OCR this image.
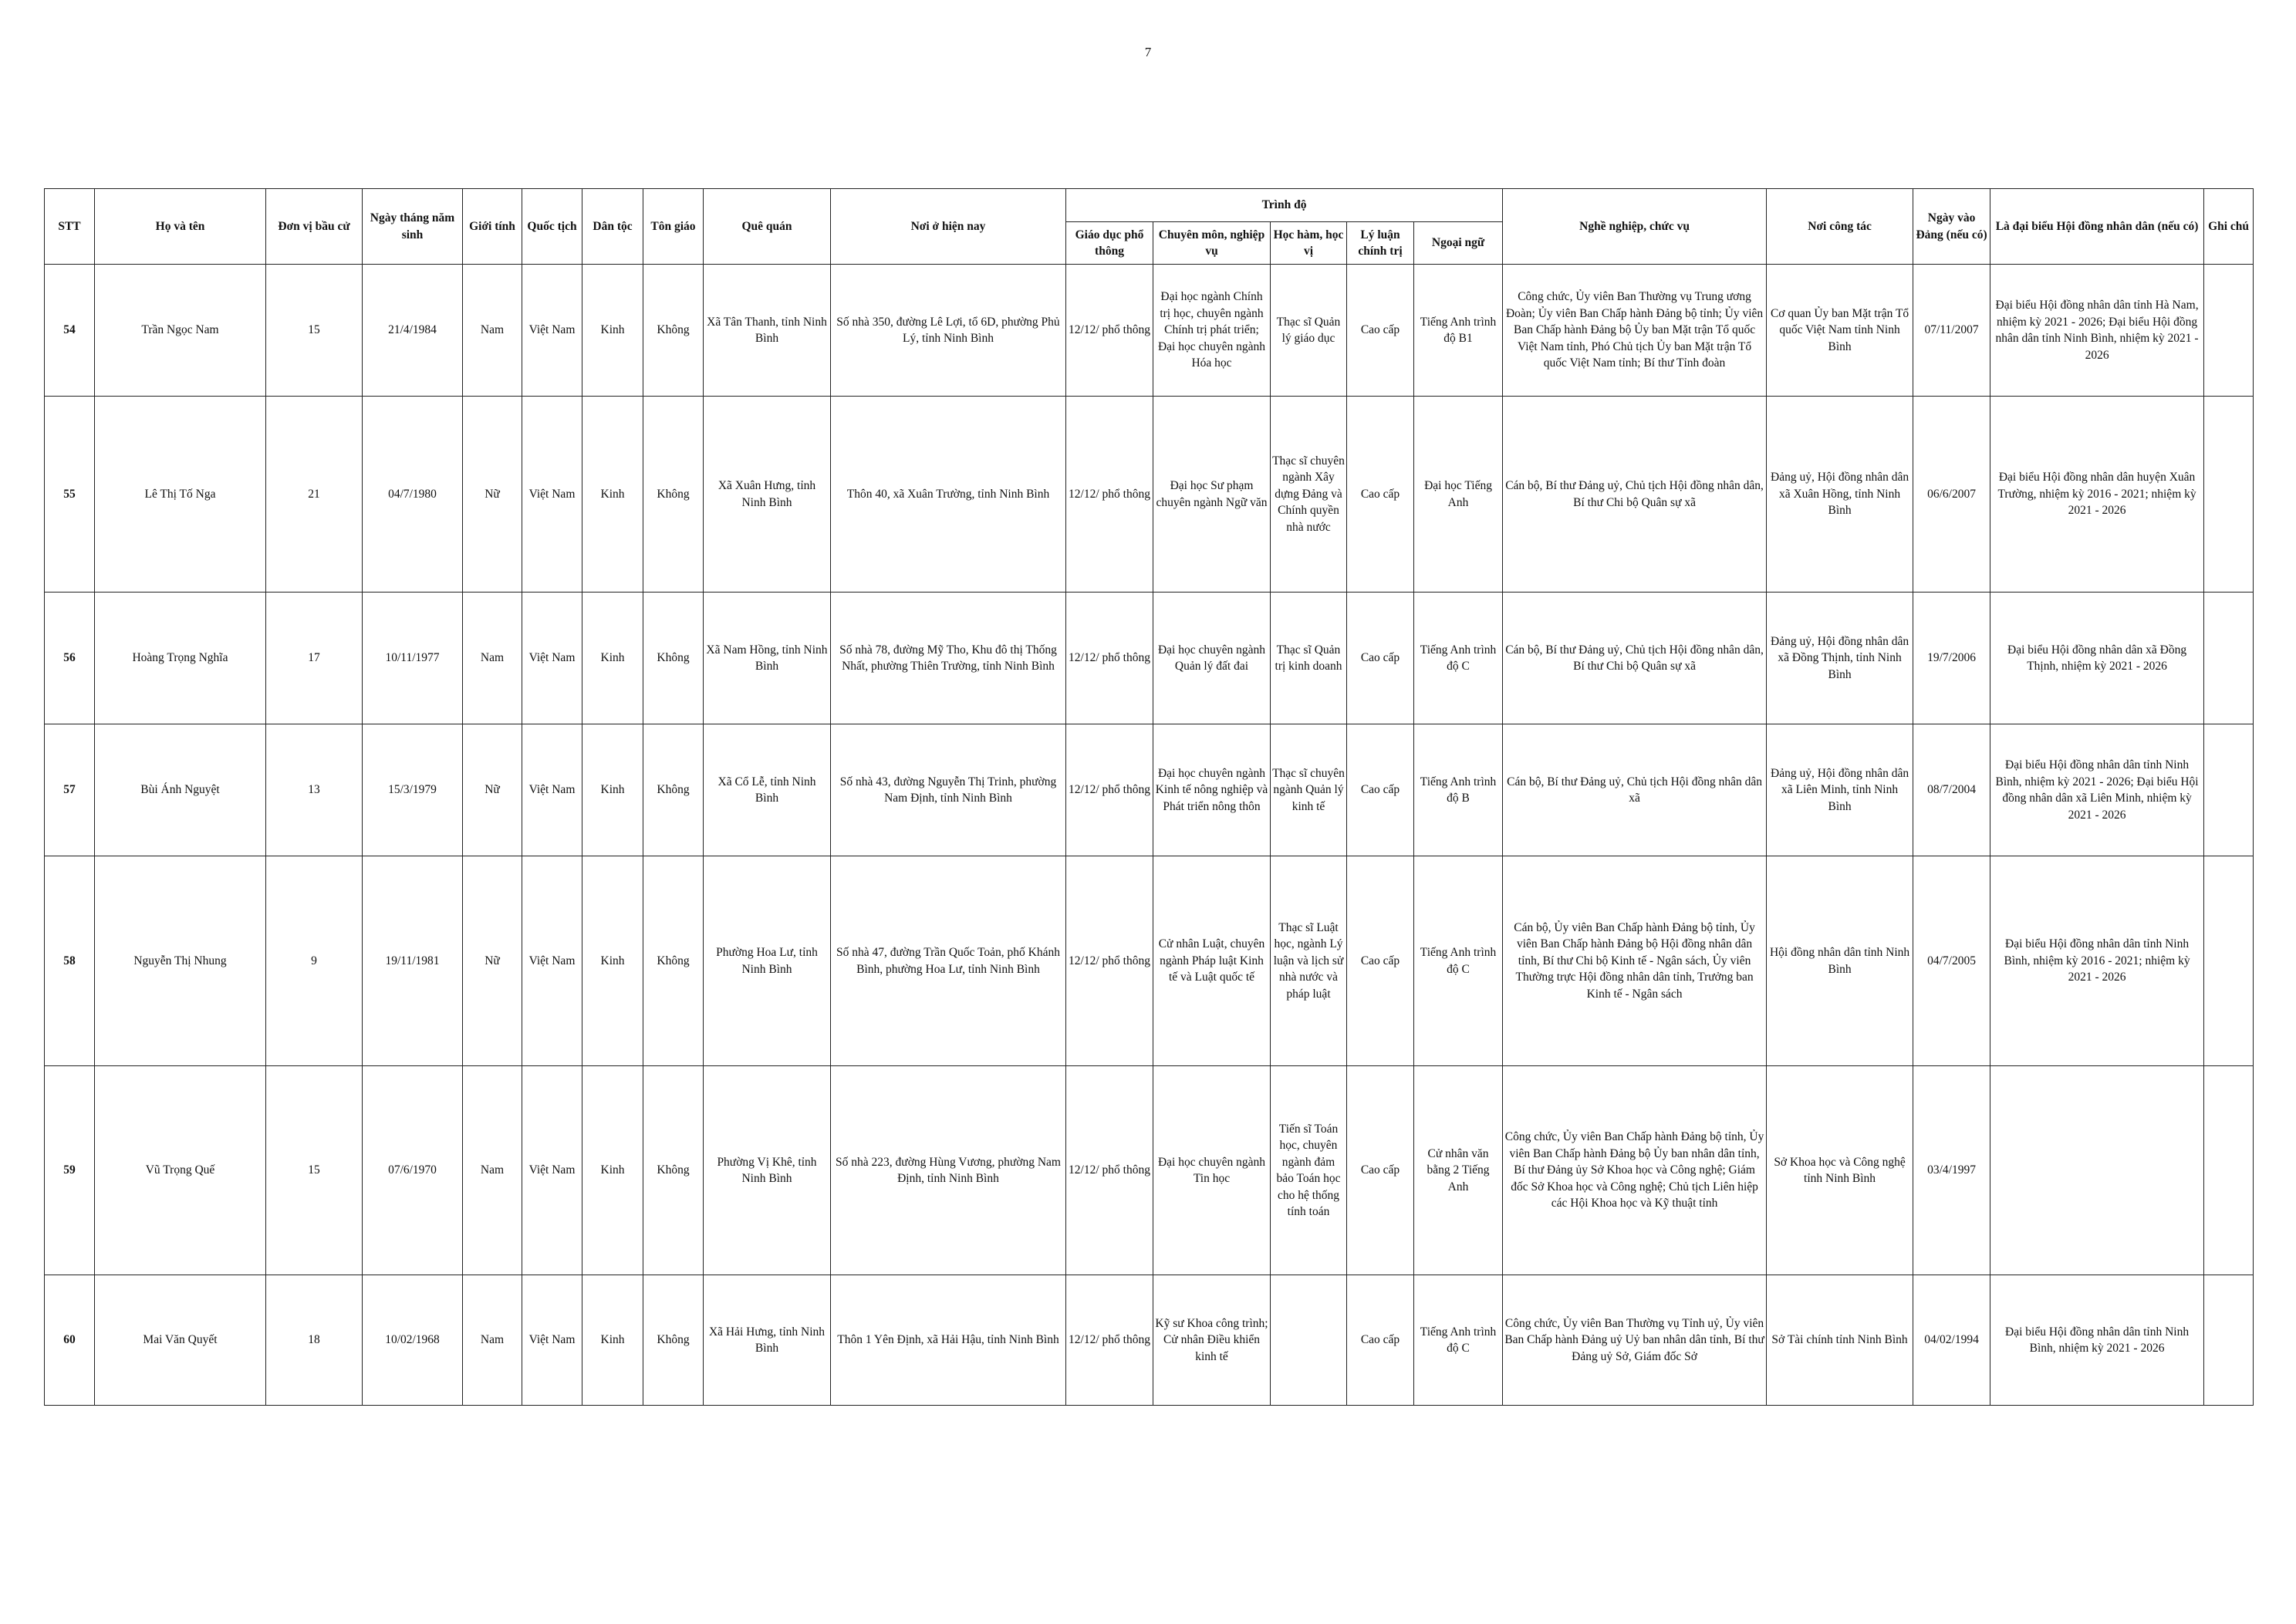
7
STT	Họ và tên	Đơn vị bầu cử	Ngày tháng năm sinh	Giới tính	Quốc tịch	Dân tộc	Tôn giáo	Quê quán	Nơi ở hiện nay	Trình độ					Nghề nghiệp, chức vụ	Nơi công tác	Ngày vào Đảng (nếu có)	Là đại biểu Hội đồng nhân dân (nếu có)	Ghi chú
										Giáo dục phổ thông	Chuyên môn, nghiệp vụ	Học hàm, học vị	Lý luận chính trị	Ngoại ngữ					
54	Trần Ngọc Nam	15	21/4/1984	Nam	Việt Nam	Kinh	Không	Xã Tân Thanh, tỉnh Ninh Bình	Số nhà 350, đường Lê Lợi, tổ 6D, phường Phủ Lý, tỉnh Ninh Bình	12/12/ phổ thông	Đại học ngành Chính trị học, chuyên ngành Chính trị phát triển; Đại học chuyên ngành Hóa học	Thạc sĩ Quản lý giáo dục	Cao cấp	Tiếng Anh trình độ B1	Công chức, Ủy viên Ban Thường vụ Trung ương Đoàn; Ủy viên Ban Chấp hành Đảng bộ tỉnh; Ủy viên Ban Chấp hành Đảng bộ Ủy ban Mặt trận Tổ quốc Việt Nam tỉnh, Phó Chủ tịch Ủy ban Mặt trận Tổ quốc Việt Nam tỉnh; Bí thư Tỉnh đoàn	Cơ quan Ủy ban Mặt trận Tổ quốc Việt Nam tỉnh Ninh Bình	07/11/2007	Đại biểu Hội đồng nhân dân tỉnh Hà Nam, nhiệm kỳ 2021 - 2026; Đại biểu Hội đồng nhân dân tỉnh Ninh Bình, nhiệm kỳ 2021 - 2026	
55	Lê Thị Tố Nga	21	04/7/1980	Nữ	Việt Nam	Kinh	Không	Xã Xuân Hưng, tỉnh Ninh Bình	Thôn 40, xã Xuân Trường, tỉnh Ninh Bình	12/12/ phổ thông	Đại học Sư phạm chuyên ngành Ngữ văn	Thạc sĩ chuyên ngành Xây dựng Đảng và Chính quyền nhà nước	Cao cấp	Đại học Tiếng Anh	Cán bộ, Bí thư Đảng uỷ, Chủ tịch Hội đồng nhân dân, Bí thư Chi bộ Quân sự xã	Đảng uỷ, Hội đồng nhân dân xã Xuân Hồng, tỉnh Ninh Bình	06/6/2007	Đại biểu Hội đồng nhân dân huyện Xuân Trường, nhiệm kỳ 2016 - 2021; nhiệm kỳ 2021 - 2026	
56	Hoàng Trọng Nghĩa	17	10/11/1977	Nam	Việt Nam	Kinh	Không	Xã Nam Hồng, tỉnh Ninh Bình	Số nhà 78, đường Mỹ Tho, Khu đô thị Thống Nhất, phường Thiên Trường, tỉnh Ninh Bình	12/12/ phổ thông	Đại học chuyên ngành Quản lý đất đai	Thạc sĩ Quản trị kinh doanh	Cao cấp	Tiếng Anh trình độ C	Cán bộ, Bí thư Đảng uỷ, Chủ tịch Hội đồng nhân dân, Bí thư Chi bộ Quân sự xã	Đảng uỷ, Hội đồng nhân dân xã Đồng Thịnh, tỉnh Ninh Bình	19/7/2006	Đại biểu Hội đồng nhân dân xã Đồng Thịnh, nhiệm kỳ 2021 - 2026	
57	Bùi Ánh Nguyệt	13	15/3/1979	Nữ	Việt Nam	Kinh	Không	Xã Cổ Lễ, tỉnh Ninh Bình	Số nhà 43, đường Nguyễn Thị Trinh, phường Nam Định, tỉnh Ninh Bình	12/12/ phổ thông	Đại học chuyên ngành Kinh tế nông nghiệp và Phát triển nông thôn	Thạc sĩ chuyên ngành Quản lý kinh tế	Cao cấp	Tiếng Anh trình độ B	Cán bộ, Bí thư Đảng uỷ, Chủ tịch Hội đồng nhân dân xã	Đảng uỷ, Hội đồng nhân dân xã Liên Minh, tỉnh Ninh Bình	08/7/2004	Đại biểu Hội đồng nhân dân tỉnh Ninh Bình, nhiệm kỳ 2021 - 2026; Đại biểu Hội đồng nhân dân xã Liên Minh, nhiệm kỳ 2021 - 2026	
58	Nguyễn Thị Nhung	9	19/11/1981	Nữ	Việt Nam	Kinh	Không	Phường Hoa Lư, tỉnh Ninh Bình	Số nhà 47, đường Trần Quốc Toản, phố Khánh Bình, phường Hoa Lư, tỉnh Ninh Bình	12/12/ phổ thông	Cử nhân Luật, chuyên ngành Pháp luật Kinh tế và Luật quốc tế	Thạc sĩ Luật học, ngành Lý luận và lịch sử nhà nước và pháp luật	Cao cấp	Tiếng Anh trình độ C	Cán bộ, Ủy viên Ban Chấp hành Đảng bộ tỉnh, Ủy viên Ban Chấp hành Đảng bộ Hội đồng nhân dân tỉnh, Bí thư Chi bộ Kinh tế - Ngân sách, Ủy viên Thường trực Hội đồng nhân dân tỉnh, Trưởng ban Kinh tế - Ngân sách	Hội đồng nhân dân tỉnh Ninh Bình	04/7/2005	Đại biểu Hội đồng nhân dân tỉnh Ninh Bình, nhiệm kỳ 2016 - 2021; nhiệm kỳ 2021 - 2026	
59	Vũ Trọng Quế	15	07/6/1970	Nam	Việt Nam	Kinh	Không	Phường Vị Khê, tỉnh Ninh Bình	Số nhà 223, đường Hùng Vương, phường Nam Định, tỉnh Ninh Bình	12/12/ phổ thông	Đại học chuyên ngành Tin học	Tiến sĩ Toán học, chuyên ngành đảm bảo Toán học cho hệ thống tính toán	Cao cấp	Cử nhân văn bằng 2 Tiếng Anh	Công chức, Ủy viên Ban Chấp hành Đảng bộ tỉnh, Ủy viên Ban Chấp hành Đảng bộ Ủy ban nhân dân tỉnh, Bí thư Đảng ủy Sở Khoa học và Công nghệ; Giám đốc Sở Khoa học và Công nghệ; Chủ tịch Liên hiệp các Hội Khoa học và Kỹ thuật tỉnh	Sở Khoa học và Công nghệ tỉnh Ninh Bình	03/4/1997		
60	Mai Văn Quyết	18	10/02/1968	Nam	Việt Nam	Kinh	Không	Xã Hải Hưng, tỉnh Ninh Bình	Thôn 1 Yên Định, xã Hải Hậu, tỉnh Ninh Bình	12/12/ phổ thông	Kỹ sư Khoa công trình; Cử nhân Điều khiển kinh tế		Cao cấp	Tiếng Anh trình độ C	Công chức, Ủy viên Ban Thường vụ Tỉnh uỷ, Ủy viên Ban Chấp hành Đảng uỷ Uỷ ban nhân dân tỉnh, Bí thư Đảng uỷ Sở, Giám đốc Sở	Sở Tài chính tỉnh Ninh Bình	04/02/1994	Đại biểu Hội đồng nhân dân tỉnh Ninh Bình, nhiệm kỳ 2021 - 2026	
